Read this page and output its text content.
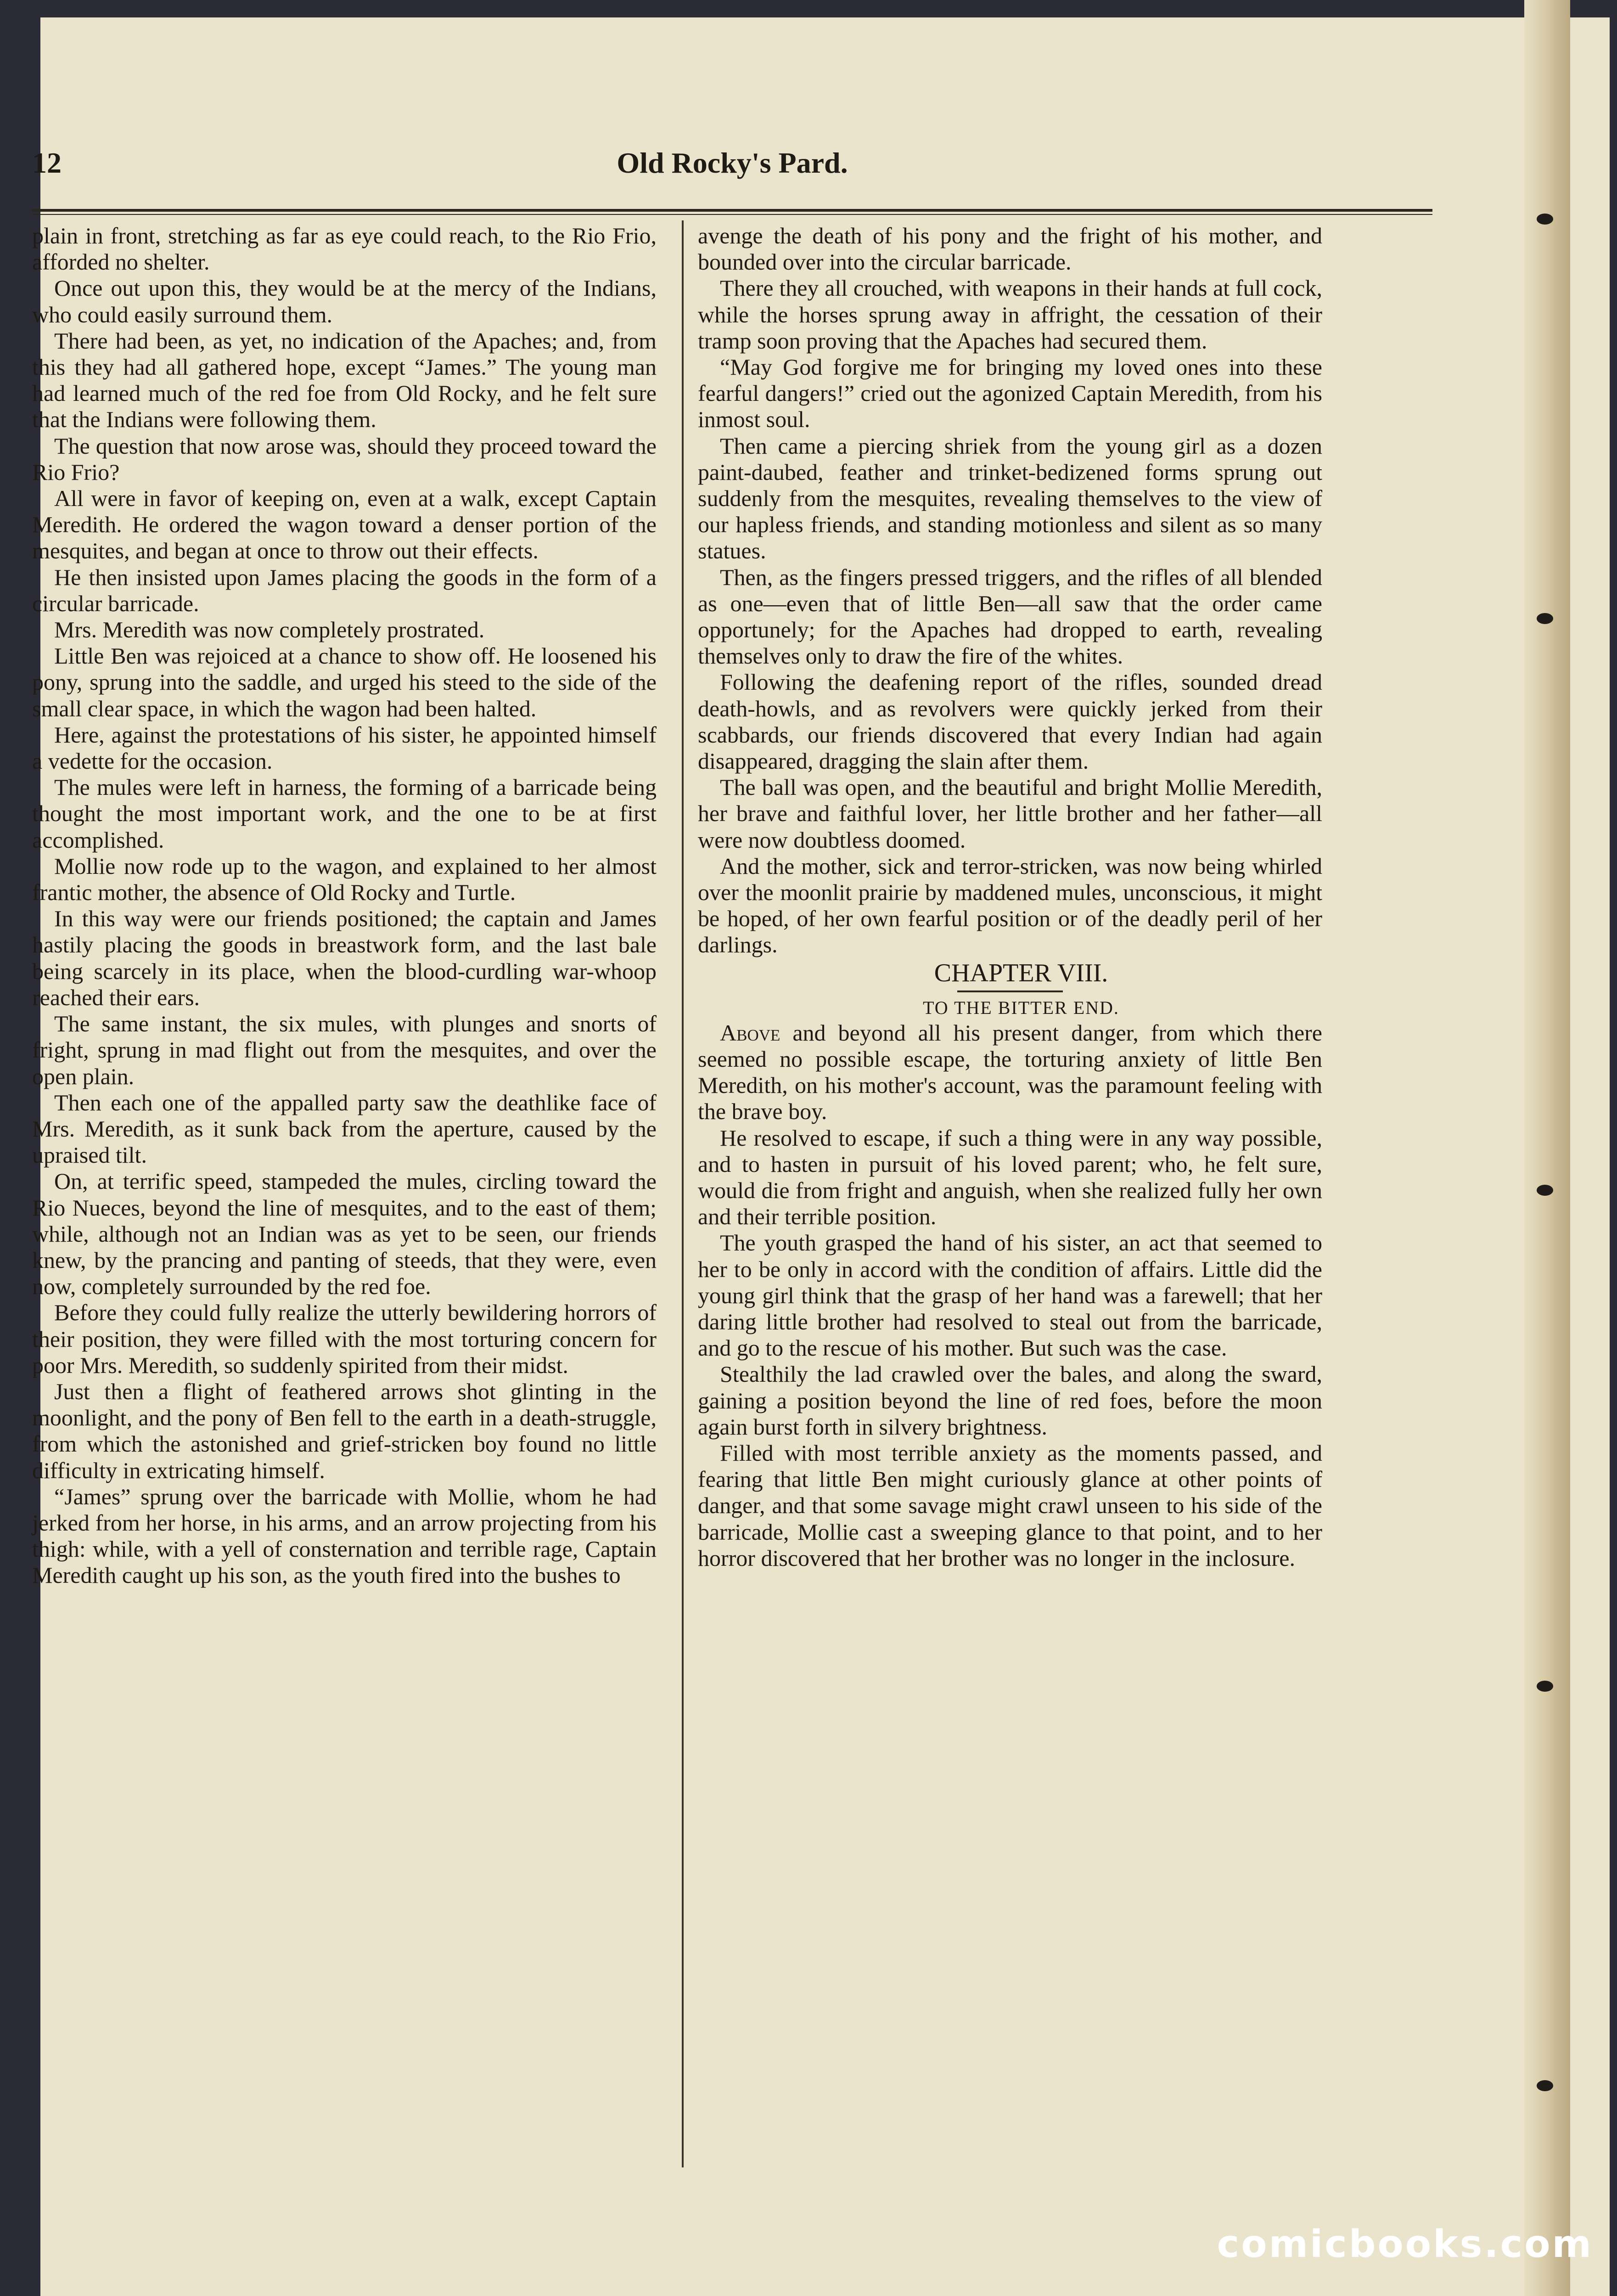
12	Old Rocky's Pard.

plain in front, stretching as far as eye could reach, to the Rio Frio, afforded no shelter.

Once out upon this, they would be at the mercy of the Indians, who could easily surround them.

There had been, as yet, no indication of the Apaches; and, from this they had all gathered hope, except “James.” The young man had learned much of the red foe from Old Rocky, and he felt sure that the Indians were following them.

The question that now arose was, should they proceed toward the Rio Frio?

All were in favor of keeping on, even at a walk, except Captain Meredith. He ordered the wagon toward a denser portion of the mesquites, and began at once to throw out their effects.

He then insisted upon James placing the goods in the form of a circular barricade.

Mrs. Meredith was now completely prostrated.

Little Ben was rejoiced at a chance to show off. He loosened his pony, sprung into the saddle, and urged his steed to the side of the small clear space, in which the wagon had been halted.

Here, against the protestations of his sister, he appointed himself a vedette for the occasion.

The mules were left in harness, the forming of a barricade being thought the most important work, and the one to be at first accomplished.

Mollie now rode up to the wagon, and explained to her almost frantic mother, the absence of Old Rocky and Turtle.

In this way were our friends positioned; the captain and James hastily placing the goods in breastwork form, and the last bale being scarcely in its place, when the blood-curdling war-whoop reached their ears.

The same instant, the six mules, with plunges and snorts of fright, sprung in mad flight out from the mesquites, and over the open plain.

Then each one of the appalled party saw the deathlike face of Mrs. Meredith, as it sunk back from the aperture, caused by the upraised tilt.

On, at terrific speed, stampeded the mules, circling toward the Rio Nueces, beyond the line of mesquites, and to the east of them; while, although not an Indian was as yet to be seen, our friends knew, by the prancing and panting of steeds, that they were, even now, completely surrounded by the red foe.

Before they could fully realize the utterly bewildering horrors of their position, they were filled with the most torturing concern for poor Mrs. Meredith, so suddenly spirited from their midst.

Just then a flight of feathered arrows shot glinting in the moonlight, and the pony of Ben fell to the earth in a death-struggle, from which the astonished and grief-stricken boy found no little difficulty in extricating himself.

“James” sprung over the barricade with Mollie, whom he had jerked from her horse, in his arms, and an arrow projecting from his thigh: while, with a yell of consternation and terrible rage, Captain Meredith caught up his son, as the youth fired into the bushes to

avenge the death of his pony and the fright of his mother, and bounded over into the circular barricade.

There they all crouched, with weapons in their hands at full cock, while the horses sprung away in affright, the cessation of their tramp soon proving that the Apaches had secured them.

“May God forgive me for bringing my loved ones into these fearful dangers!” cried out the agonized Captain Meredith, from his inmost soul.

Then came a piercing shriek from the young girl as a dozen paint-daubed, feather and trinket-bedizened forms sprung out suddenly from the mesquites, revealing themselves to the view of our hapless friends, and standing motionless and silent as so many statues.

Then, as the fingers pressed triggers, and the rifles of all blended as one—even that of little Ben—all saw that the order came opportunely; for the Apaches had dropped to earth, revealing themselves only to draw the fire of the whites.

Following the deafening report of the rifles, sounded dread death-howls, and as revolvers were quickly jerked from their scabbards, our friends discovered that every Indian had again disappeared, dragging the slain after them.

The ball was open, and the beautiful and bright Mollie Meredith, her brave and faithful lover, her little brother and her father—all were now doubtless doomed.

And the mother, sick and terror-stricken, was now being whirled over the moonlit prairie by maddened mules, unconscious, it might be hoped, of her own fearful position or of the deadly peril of her darlings.

CHAPTER VIII.

TO THE BITTER END.

Above and beyond all his present danger, from which there seemed no possible escape, the torturing anxiety of little Ben Meredith, on his mother's account, was the paramount feeling with the brave boy.

He resolved to escape, if such a thing were in any way possible, and to hasten in pursuit of his loved parent; who, he felt sure, would die from fright and anguish, when she realized fully her own and their terrible position.

The youth grasped the hand of his sister, an act that seemed to her to be only in accord with the condition of affairs. Little did the young girl think that the grasp of her hand was a farewell; that her daring little brother had resolved to steal out from the barricade, and go to the rescue of his mother. But such was the case.

Stealthily the lad crawled over the bales, and along the sward, gaining a position beyond the line of red foes, before the moon again burst forth in silvery brightness.

Filled with most terrible anxiety as the moments passed, and fearing that little Ben might curiously glance at other points of danger, and that some savage might crawl unseen to his side of the barricade, Mollie cast a sweeping glance to that point, and to her horror discovered that her brother was no longer in the inclosure.

comicbooks.com
